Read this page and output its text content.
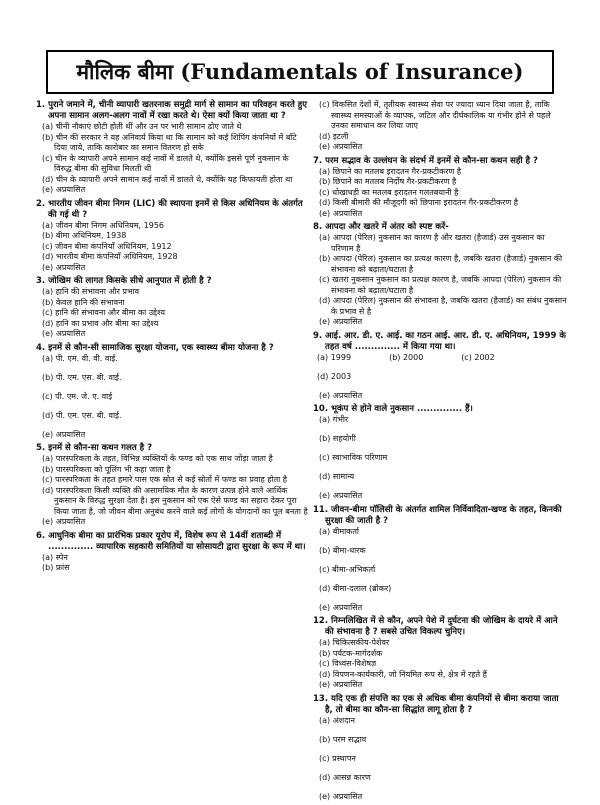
मौलिक बीमा (Fundamentals of Insurance)
1. पुराने जमाने में, चीनी व्यापारी खतरनाक समुद्री मार्ग से सामान का परिवहन करते हुए अपना सामान अलग-अलग नावों में रखा करते थे। ऐसा क्यों किया जाता था ?
(a) चीनी नौकाएं छोटी होती थीं और उन पर भारी सामान ढोए जाते थे
(b) चीन की सरकार ने यह अनिवार्य किया था कि सामान को कई शिपिंग कंपनियों में बाँटे दिया जाये, ताकि कारोबार का समान वितरण हो सके
(c) चीन के व्यापारी अपने सामान कई नावों में डालते थे, क्योंकि इससे पूर्ण नुकसान के विरुद्ध बीमा की सुविधा मिलती थी
(d) चीन के व्यापारी अपने सामान कई नावों में डालते थे, क्योंकि यह किफायती होता था
(e) अप्रयासित
2. भारतीय जीवन बीमा निगम (LIC) की स्थापना इनमें से किस अधिनियम के अंतर्गत की गई थी ?
(a) जीवन बीमा निगम अधिनियम, 1956
(b) बीमा अधिनियम, 1938
(c) जीवन बीमा कंपनियाँ अधिनियम, 1912
(d) भारतीय बीमा कंपनियाँ अधिनियम, 1928
(e) अप्रयासित
3. जोखिम की लागत किसके सीधे आनुपात में होती है ?
(a) हानि की संभावना और प्रभाव
(b) केवल हानि की संभावना
(c) हानि की संभावना और बीमा का उद्देश्य
(d) हानि का प्रभाव और बीमा का उद्देश्य
(e) अप्रयासित
4. इनमें से कौन-सी सामाजिक सुरक्षा योजना, एक स्वास्थ्य बीमा योजना है ?
(a) पी. एम. वी. वी. वाई.(b) पी. एम. एस. बी. वाई.(c) पी. एम. जे. ए. वाई(d) पी. एम. एस. बी. वाई.
(e) अप्रयासित
5. इनमें से कौन-सा कथन गलत है ?
(a) पारस्परिकता के तहत, विभिन्न व्यक्तियों के फण्ड को एक साथ जोड़ा जाता है
(b) पारस्परिकता को पूलिंग भी कहा जाता है
(c) पारस्परिकता के तहत हमारे पास एक स्रोत से कई स्रोतों में फण्ड का प्रवाह होता है
(d) पारस्परिकता किसी व्यक्ति की असामयिक मौत के कारण उत्पन्न होने वाले आर्थिक नुकसान के विरुद्ध सुरक्षा देता है। इस नुकसान को एक ऐसे फण्ड का सहारा देकर पूरा किया जाता है, जो जीवन बीमा अनुबंध करने वाले कई लोगों के योगदानों का पूल बनता है
(e) अप्रयासित
6. आधुनिक बीमा का प्रारंभिक प्रकार यूरोप में, विशेष रूप से 14वीं शताब्दी में .............. व्यापारिक सहकारी समितियों या सोसायटी द्वारा सुरक्षा के रूप में था।
(a) स्पेन
(b) फ्रांस
(c) विकसित देशों में, तृतीयक स्वास्थ्य सेवा पर ज्यादा ध्यान दिया जाता है, ताकि स्वास्थ्य समस्याओं के व्यापक, जटिल और दीर्घकालिक या गंभीर होने से पहले उनका समाधान कर लिया जाए
(d) इटली
(e) अप्रयासित
7. परम सद्भाव के उल्लंघन के संदर्भ में इनमें से कौन-सा कथन सही है ?
(a) छिपाने का मतलब इरादतन गैर-प्रकटीकरण है
(b) छिपाने का मतलब निर्दोष गैर-प्रकटीकरण है
(c) धोखाधड़ी का मतलब इरादतन गलतबयानी है
(d) किसी बीमारी की मौजूदगी को छिपाना इरादतन गैर-प्रकटीकरण है
(e) अप्रयासित
8. आपदा और खतरे में अंतर को स्पष्ट करें-
(a) आपदा (पेरिल) नुकसान का कारण है और खतरा (हैजार्ड) उस नुकसान का परिणाम है
(b) आपदा (पेरिल) नुकसान का प्रत्यक्ष कारण है, जबकि खतरा (हैजार्ड) नुकसान की संभावना को बढ़ाता/घटाता है
(c) खतरा नुकसान नुकसान का प्रत्यक्ष कारण है, जबकि आपदा (पेरिल) नुकसान की संभावना को बढ़ाता/घटाता है
(d) आपदा (पेरिल) नुकसान की संभावना है, जबकि खतरा (हैजार्ड) का संबंध नुकसान के प्रभाव से है
(e) अप्रयासित
9. आई. आर. डी. ए. आई. का गठन आई. आर. डी. ए. अधिनियम, 1999 के तहत वर्ष .............. में किया गया था।
(a) 1999	(b) 2000	(c) 2002(d) 2003
(e) अप्रयासित
10. भूकंप से होने वाले नुकसान .............. हैं।
(a) गंभीर(b) सहयोगी(c) स्वाभाविक परिणाम(d) सामान्य
(e) अप्रयासित
11. जीवन-बीमा पॉलिसी के अंतर्गत शामिल निर्विवादिता-खण्ड के तहत, किनकी सुरक्षा की जाती है ?
(a) बीमाकर्ता(b) बीमा-धारक(c) बीमा-अभिकर्ता(d) बीमा-दलाल (ब्रोकर)
(e) अप्रयासित
12. निम्नलिखित में से कौन, अपने पेशे में दुर्घटना की जोखिम के दायरे में आने की संभावना है ? सबसे उचित विकल्प चुनिए।
(a) चिकित्सकीय-पेशेवर
(b) पर्यटक-मार्गदर्शक
(c) विध्वंस-विशेषज्ञ
(d) विपणन-कार्यकारी, जो नियमित रूप से, क्षेत्र में रहते हैं
(e) अप्रयासित
13. यदि एक ही संपत्ति का एक से अधिक बीमा कंपनियों से बीमा कराया जाता है, तो बीमा का कौन-सा सिद्धांत लागू होता है ?
(a) अंशदान(b) परम सद्भाव(c) प्रस्थापन(d) आसन्न कारण
(e) अप्रयासित
